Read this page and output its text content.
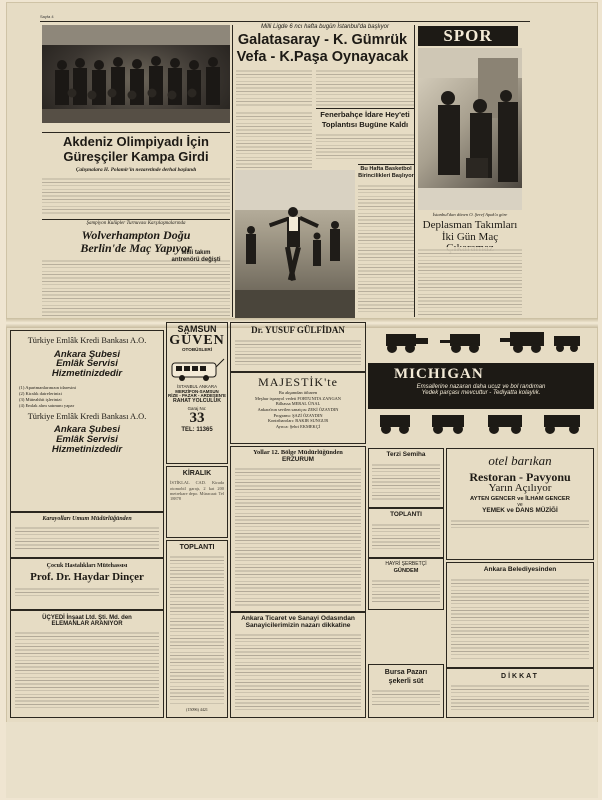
Sayfa 4
Milli Ligde 6 ncı hafta bugün İstanbul'da başlıyor
Galatasaray - K. Gümrük
Vefa - K.Paşa Oynayacak
SPOR

Akdeniz Olimpiyadı İçin
Güreşçiler Kampa Girdi
Çalışmalara H. Polamir'in nezaretinde derhal başlandı

Şampiyon Kulüpler Turnuvası Karşılaşmalarında
Wolverhampton Doğu
Berlin'de Maç Yapıyor
Fenerbahçe İdare Hey'eti
Toplantısı Bugüne Kaldı
Bu Hafta Basketbol
Birincilikleri Başlıyor
Milli takım
antrenörü değişti
İstanbul'dan dönen O. Şeref Apak'a göre
Deplasman Takımları
İki Gün Maç
Türkiye Emlâk Kredi Bankası A.O.
Ankara Şubesi
Emlâk Servisi
Hizmetinizdedir
(1) Apartmanlarınızın idaresini
(2) Kiralık dairelerinizi
(3) Müteahhit işlerinizi
(4) Emlak alım satımını yapar
Türkiye Emlâk Kredi Bankası A.O.
Ankara Şubesi
Emlâk Servisi
Hizmetinizdedir
Karayolları Umum Müdürlüğünden
Çocuk Hastalıkları Mütehassısı
Prof. Dr. Haydar Dinçer
ÜÇYEDİ İnşaat Ltd. Şti. Md. den
ELEMANLAR ARANIYOR
SAMSUN
GÜVEN
OTOBÜSLERİ
İSTANBUL ANKARA
MERZİFON-SAMSUN
RİZE - PAZAR - ARDEŞEN'E
RAHAT YOLCULUK
Garaj No:
33
TEL: 11365
KİRALIK
İSTİKLAL CAD. Kirada otomobil garajı, 2 kat 200 metrekare depo. Müracaat: Tel 18878
TOPLANTI
(15096) 4421
Dr. YUSUF GÜLFİDAN
MAJESTİK'te
Bu akşamdan itibaren
Meşhur ispanyol vedeti FORTUNITA ZANGAN
Bilhassa MERAL ÜNAL
Ankara'nın sevilen sanatçısı ZEKİ ÖZAYDIN
Programı: ŞAZİ ÖZAYDIN
Kontrtbaroları: BAKIR SUNGUR
Ayrıca: Şehri EKMEKÇİ
Yollar 12. Bölge Müdürlüğünden
ERZURUM
Ankara Ticaret ve Sanayi Odasından
Sanayicilerimizin nazarı dikkatine
MICHIGAN
Emsallerine nazaran daha ucuz ve bol randıman
Yedek parçası mevcuttur - Tediyatta kolaylık.
Terzi Semiha
TOPLANTI
HAYRİ ŞERBETÇİ
GÜNDEM
Bursa Pazarı
şekerli süt
otel barıkan
Restoran - Pavyonu
Yarın Açılıyor
AYTEN GENCER ve İLHAM GENCER
ve
YEMEK ve DANS MÜZİĞİ
Ankara Belediyesinden
DİKKAT
